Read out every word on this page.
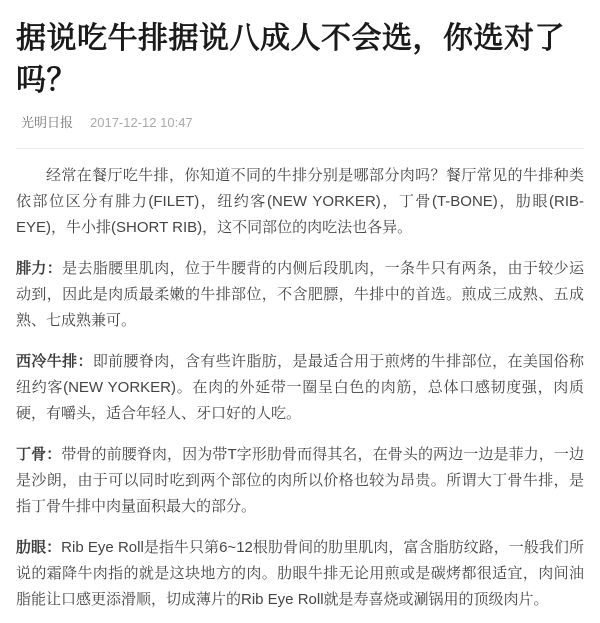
据说吃牛排据说八成人不会选，你选对了吗？
光明日报 2017-12-12 10:47

经常在餐厅吃牛排，你知道不同的牛排分别是哪部分肉吗？餐厅常见的牛排种类依部位区分有腓力(FILET)，纽约客(NEW YORKER)，丁骨(T-BONE)，肋眼(RIB-EYE)，牛小排(SHORT RIB)，这不同部位的肉吃法也各异。

腓力：是去脂腰里肌肉，位于牛腰背的内侧后段肌肉，一条牛只有两条，由于较少运动到，因此是肉质最柔嫩的牛排部位，不含肥膘，牛排中的首选。煎成三成熟、五成熟、七成熟兼可。

西冷牛排：即前腰脊肉，含有些许脂肪，是最适合用于煎烤的牛排部位，在美国俗称纽约客(NEW YORKER)。在肉的外延带一圈呈白色的肉筋，总体口感韧度强，肉质硬，有嚼头，适合年轻人、牙口好的人吃。

丁骨：带骨的前腰脊肉，因为带T字形肋骨而得其名，在骨头的两边一边是菲力，一边是沙朗，由于可以同时吃到两个部位的肉所以价格也较为昂贵。所谓大丁骨牛排，是指丁骨牛排中肉量面积最大的部分。

肋眼：Rib Eye Roll是指牛只第6~12根肋骨间的肋里肌肉，富含脂肪纹路，一般我们所说的霜降牛肉指的就是这块地方的肉。肋眼牛排无论用煎或是碳烤都很适宜，肉间油脂能让口感更添滑顺，切成薄片的Rib Eye Roll就是寿喜烧或涮锅用的顶级肉片。
